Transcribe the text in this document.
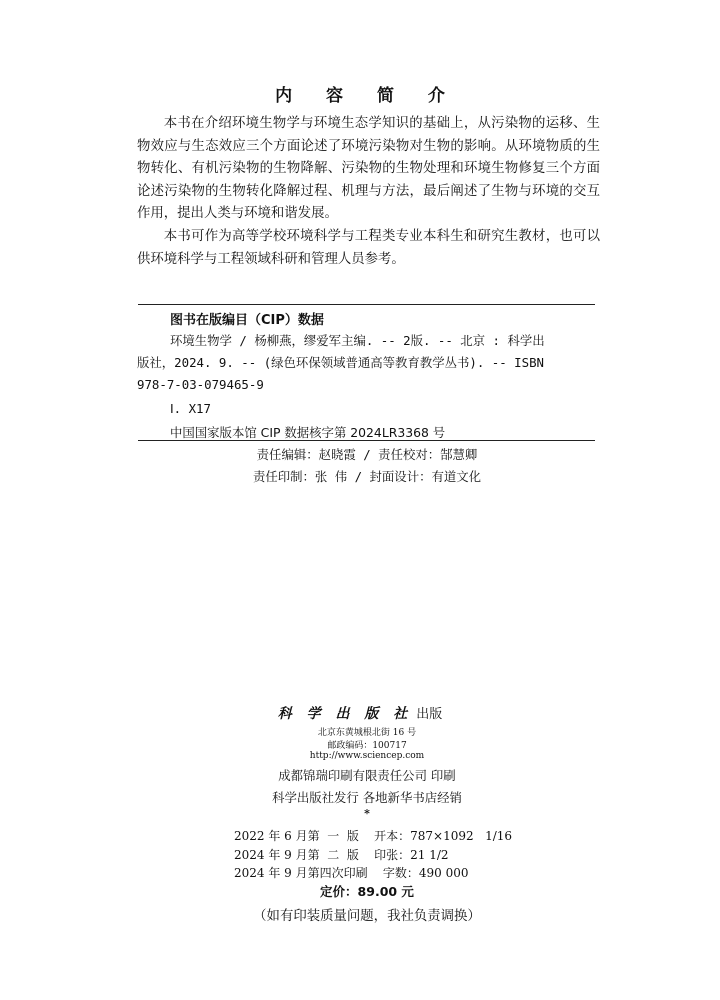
内 容 简 介

本书在介绍环境生物学与环境生态学知识的基础上，从污染物的运移、生物效应与生态效应三个方面论述了环境污染物对生物的影响。从环境物质的生物转化、有机污染物的生物降解、污染物的生物处理和环境生物修复三个方面论述污染物的生物转化降解过程、机理与方法，最后阐述了生物与环境的交互作用，提出人类与环境和谐发展。

本书可作为高等学校环境科学与工程类专业本科生和研究生教材，也可以供环境科学与工程领域科研和管理人员参考。

图书在版编目（CIP）数据
环境生物学 / 杨柳燕，缪爱军主编. -- 2版. -- 北京 : 科学出
版社，2024. 9. -- (绿色环保领域普通高等教育教学丛书). -- ISBN
978-7-03-079465-9
Ⅰ. X17
中国国家版本馆 CIP 数据核字第 2024LR3368 号
责任编辑：赵晓霞 / 责任校对：郜慧卿
责任印制：张 伟 / 封面设计：有道文化
科 学 出 版 社 出版
北京东黄城根北街 16 号
邮政编码：100717
http://www.sciencep.com
成都锦瑞印刷有限责任公司 印刷
科学出版社发行 各地新华书店经销
*
2022 年 6 月第  一  版    开本：787×1092   1/16
2024 年 9 月第  二  版    印张：21 1/2
2024 年 9 月第四次印刷    字数：490 000
定价：89.00 元
（如有印装质量问题，我社负责调换）
